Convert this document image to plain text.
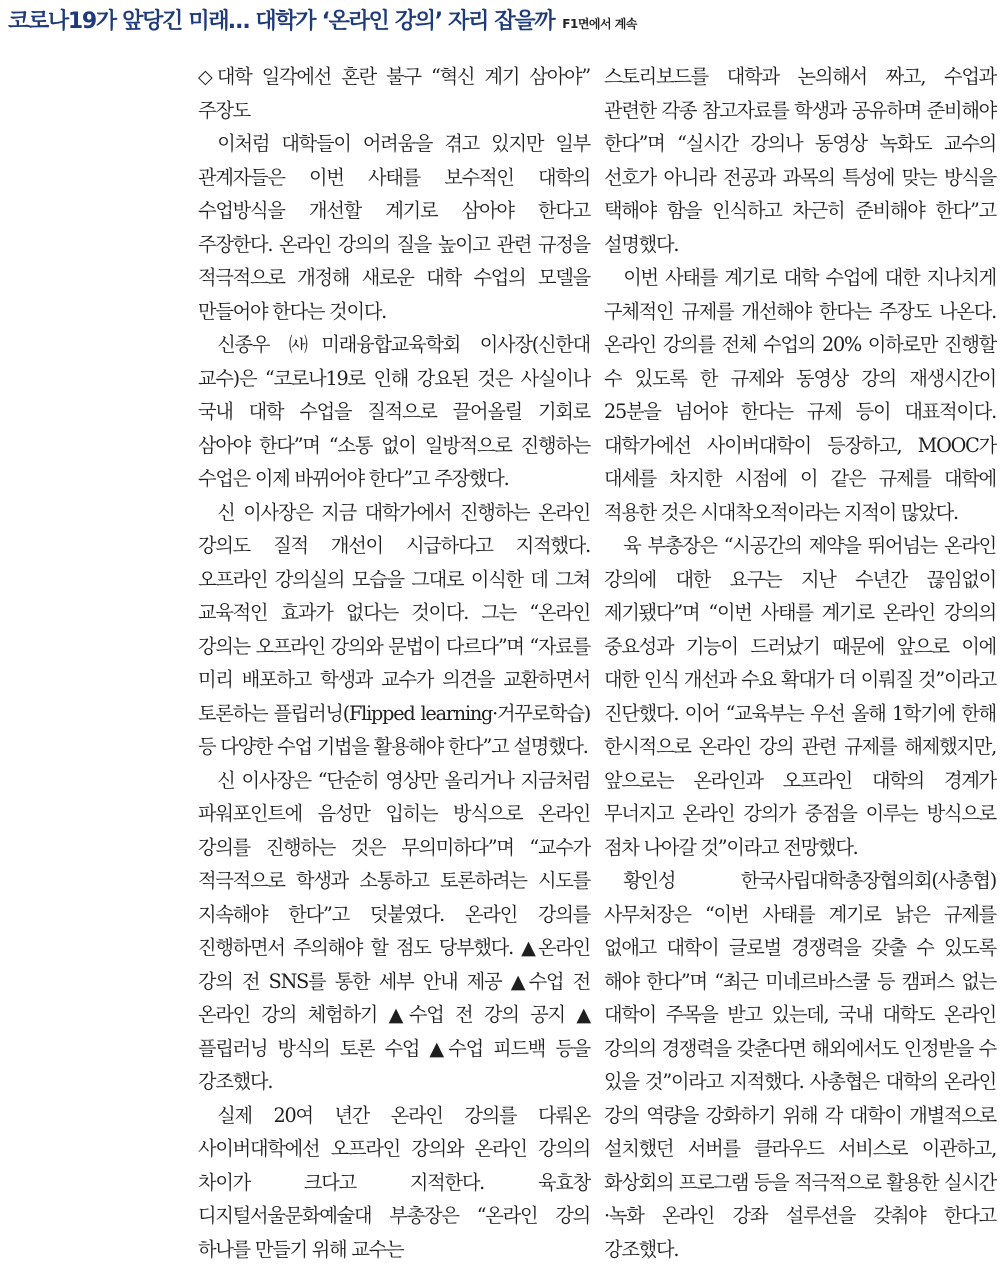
코로나19가 앞당긴 미래… 대학가 ‘온라인 강의’ 자리 잡을까 F1면에서 계속

◇대학 일각에선 혼란 불구 “혁신 계기 삼아야” 주장도

이처럼 대학들이 어려움을 겪고 있지만 일부 관계자들은 이번 사태를 보수적인 대학의 수업방식을 개선할 계기로 삼아야 한다고 주장한다. 온라인 강의의 질을 높이고 관련 규정을 적극적으로 개정해 새로운 대학 수업의 모델을 만들어야 한다는 것이다.

신종우 ㈔미래융합교육학회 이사장(신한대 교수)은 “코로나19로 인해 강요된 것은 사실이나 국내 대학 수업을 질적으로 끌어올릴 기회로 삼아야 한다”며 “소통 없이 일방적으로 진행하는 수업은 이제 바뀌어야 한다”고 주장했다.

신 이사장은 지금 대학가에서 진행하는 온라인 강의도 질적 개선이 시급하다고 지적했다. 오프라인 강의실의 모습을 그대로 이식한 데 그쳐 교육적인 효과가 없다는 것이다. 그는 “온라인 강의는 오프라인 강의와 문법이 다르다”며 “자료를 미리 배포하고 학생과 교수가 의견을 교환하면서 토론하는 플립러닝(Flipped learning·거꾸로학습) 등 다양한 수업 기법을 활용해야 한다”고 설명했다.

신 이사장은 “단순히 영상만 올리거나 지금처럼 파워포인트에 음성만 입히는 방식으로 온라인 강의를 진행하는 것은 무의미하다”며 “교수가 적극적으로 학생과 소통하고 토론하려는 시도를 지속해야 한다”고 덧붙였다. 온라인 강의를 진행하면서 주의해야 할 점도 당부했다. ▲온라인 강의 전 SNS를 통한 세부 안내 제공 ▲수업 전 온라인 강의 체험하기 ▲수업 전 강의 공지 ▲플립러닝 방식의 토론 수업 ▲수업 피드백 등을 강조했다.

실제 20여 년간 온라인 강의를 다뤄온 사이버대학에선 오프라인 강의와 온라인 강의의 차이가 크다고 지적한다. 육효창 디지털서울문화예술대 부총장은 “온라인 강의 하나를 만들기 위해 교수는

스토리보드를 대학과 논의해서 짜고, 수업과 관련한 각종 참고자료를 학생과 공유하며 준비해야 한다”며 “실시간 강의나 동영상 녹화도 교수의 선호가 아니라 전공과 과목의 특성에 맞는 방식을 택해야 함을 인식하고 차근히 준비해야 한다”고 설명했다.

이번 사태를 계기로 대학 수업에 대한 지나치게 구체적인 규제를 개선해야 한다는 주장도 나온다. 온라인 강의를 전체 수업의 20% 이하로만 진행할 수 있도록 한 규제와 동영상 강의 재생시간이 25분을 넘어야 한다는 규제 등이 대표적이다. 대학가에선 사이버대학이 등장하고, MOOC가 대세를 차지한 시점에 이 같은 규제를 대학에 적용한 것은 시대착오적이라는 지적이 많았다.

육 부총장은 “시공간의 제약을 뛰어넘는 온라인 강의에 대한 요구는 지난 수년간 끊임없이 제기됐다”며 “이번 사태를 계기로 온라인 강의의 중요성과 기능이 드러났기 때문에 앞으로 이에 대한 인식 개선과 수요 확대가 더 이뤄질 것”이라고 진단했다. 이어 “교육부는 우선 올해 1학기에 한해 한시적으로 온라인 강의 관련 규제를 해제했지만, 앞으로는 온라인과 오프라인 대학의 경계가 무너지고 온라인 강의가 중점을 이루는 방식으로 점차 나아갈 것”이라고 전망했다.

황인성 한국사립대학총장협의회(사총협) 사무처장은 “이번 사태를 계기로 낡은 규제를 없애고 대학이 글로벌 경쟁력을 갖출 수 있도록 해야 한다”며 “최근 미네르바스쿨 등 캠퍼스 없는 대학이 주목을 받고 있는데, 국내 대학도 온라인 강의의 경쟁력을 갖춘다면 해외에서도 인정받을 수 있을 것”이라고 지적했다. 사총협은 대학의 온라인 강의 역량을 강화하기 위해 각 대학이 개별적으로 설치했던 서버를 클라우드 서비스로 이관하고, 화상회의 프로그램 등을 적극적으로 활용한 실시간·녹화 온라인 강좌 설루션을 갖춰야 한다고 강조했다.
